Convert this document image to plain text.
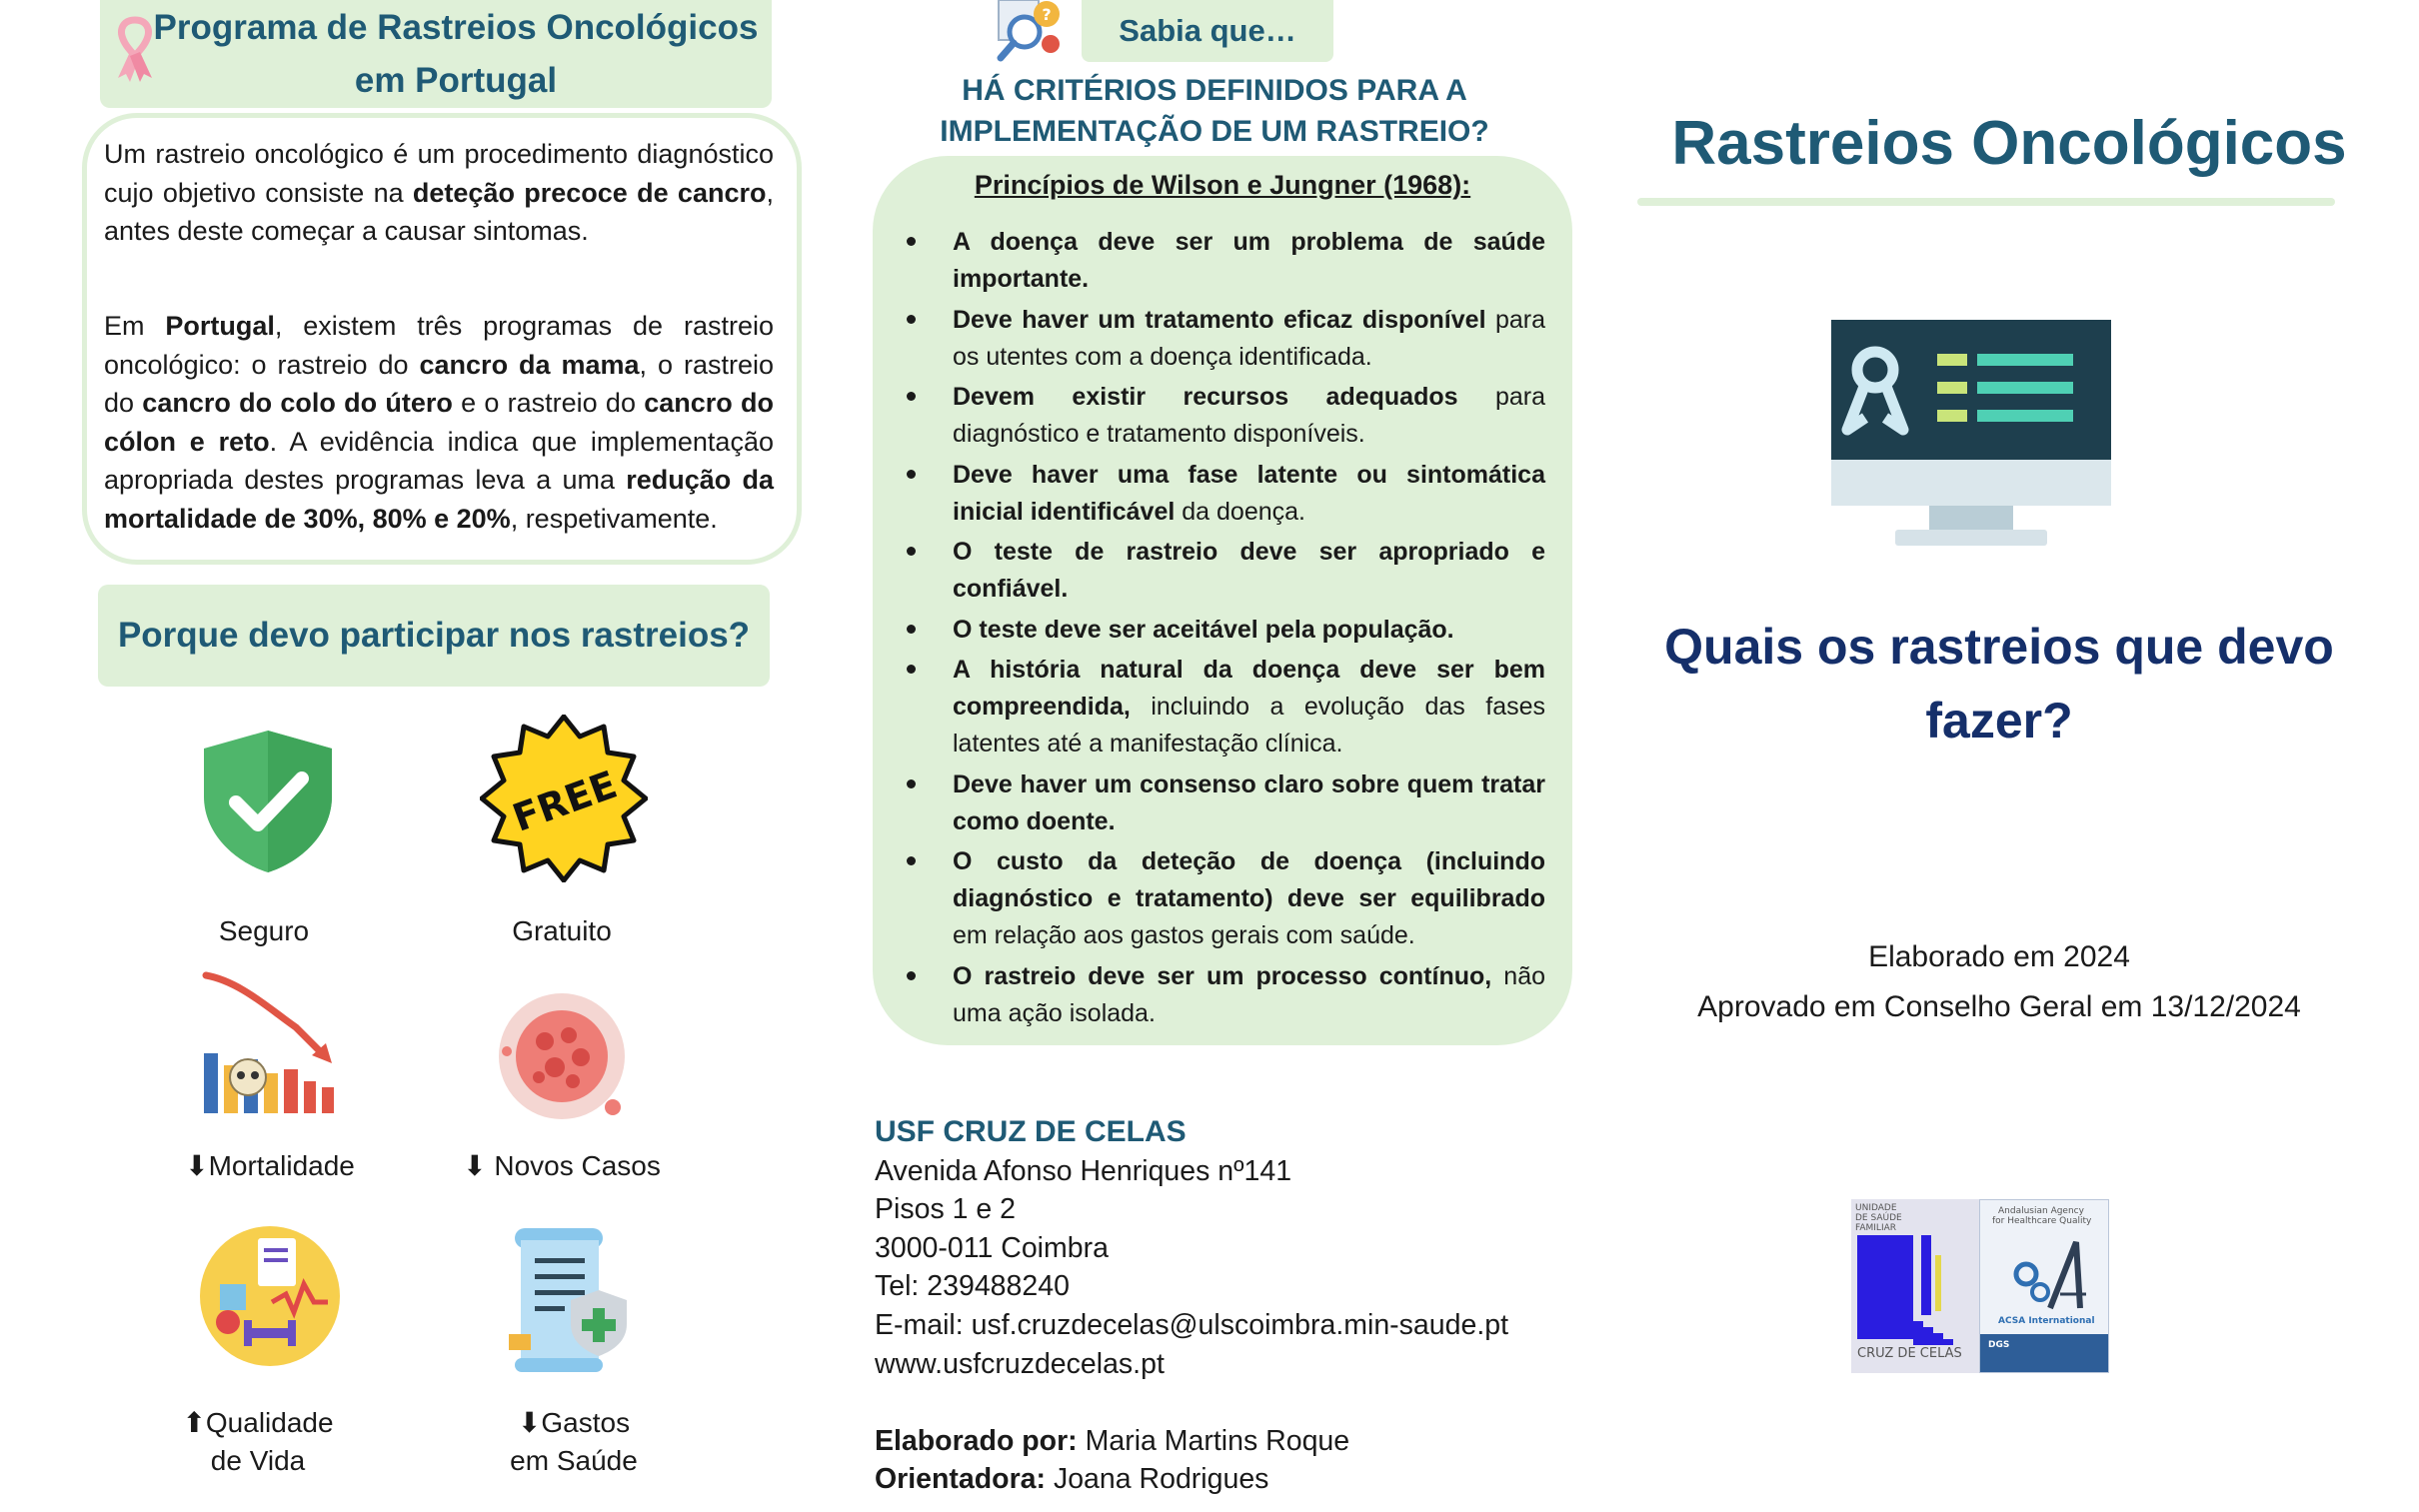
Programa de Rastreios Oncológicos em Portugal

Um rastreio oncológico é um procedimento diagnóstico cujo objetivo consiste na deteção precoce de cancro, antes deste começar a causar sintomas.

Em Portugal, existem três programas de rastreio oncológico: o rastreio do cancro da mama, o rastreio do cancro do colo do útero e o rastreio do cancro do cólon e reto. A evidência indica que implementação apropriada destes programas leva a uma redução da mortalidade de 30%, 80% e 20%, respetivamente.

Porque devo participar nos rastreios?
Seguro
FREE
Gratuito
⬇Mortalidade	⬇ Novos Casos
⬆Qualidade
de Vida
⬇Gastos
em Saúde
?	Sabia que…
HÁ CRITÉRIOS DEFINIDOS PARA A IMPLEMENTAÇÃO DE UM RASTREIO?
Princípios de Wilson e Jungner (1968):
A doença deve ser um problema de saúde importante.
Deve haver um tratamento eficaz disponível para os utentes com a doença identificada.
Devem existir recursos adequados para diagnóstico e tratamento disponíveis.
Deve haver uma fase latente ou sintomática inicial identificável da doença.
O teste de rastreio deve ser apropriado e confiável.
O teste deve ser aceitável pela população.
A história natural da doença deve ser bem compreendida, incluindo a evolução das fases latentes até a manifestação clínica.
Deve haver um consenso claro sobre quem tratar como doente.
O custo da deteção de doença (incluindo diagnóstico e tratamento) deve ser equilibrado em relação aos gastos gerais com saúde.
O rastreio deve ser um processo contínuo, não uma ação isolada.
USF CRUZ DE CELAS
Avenida Afonso Henriques nº141
Pisos 1 e 2
3000-011 Coimbra
Tel: 239488240
E-mail: usf.cruzdecelas@ulscoimbra.min-saude.pt
www.usfcruzdecelas.pt
Elaborado por: Maria Martins Roque
Orientadora: Joana Rodrigues
Rastreios Oncológicos
Quais os rastreios que devo fazer?
Elaborado em 2024
Aprovado em Conselho Geral em 13/12/2024
UNIDADE
DE SAÚDE
FAMILIAR
CRUZ DE CELAS
Andalusian Agency
for Healthcare Quality
ACSA International
DGS
